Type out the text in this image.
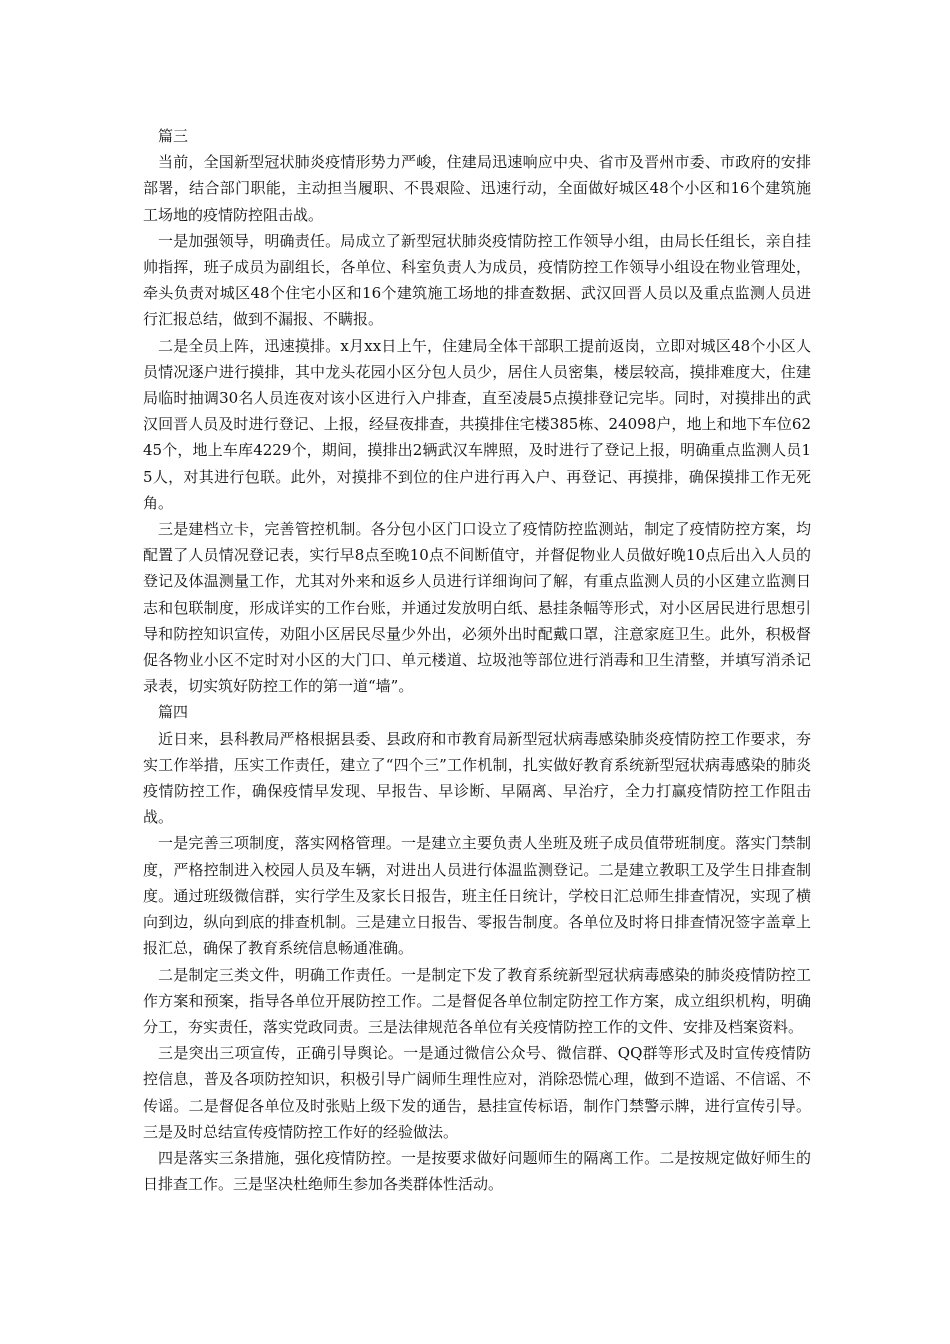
篇三

当前，全国新型冠状肺炎疫情形势力严峻，住建局迅速响应中央、省市及晋州市委、市政府的安排部署，结合部门职能，主动担当履职、不畏艰险、迅速行动，全面做好城区48个小区和16个建筑施工场地的疫情防控阻击战。

一是加强领导，明确责任。局成立了新型冠状肺炎疫情防控工作领导小组，由局长任组长，亲自挂帅指挥，班子成员为副组长，各单位、科室负责人为成员，疫情防控工作领导小组设在物业管理处，牵头负责对城区48个住宅小区和16个建筑施工场地的排查数据、武汉回晋人员以及重点监测人员进行汇报总结，做到不漏报、不瞒报。

二是全员上阵，迅速摸排。x月xx日上午，住建局全体干部职工提前返岗，立即对城区48个小区人员情况逐户进行摸排，其中龙头花园小区分包人员少，居住人员密集，楼层较高，摸排难度大，住建局临时抽调30名人员连夜对该小区进行入户排查，直至凌晨5点摸排登记完毕。同时，对摸排出的武汉回晋人员及时进行登记、上报，经昼夜排查，共摸排住宅楼385栋、24098户，地上和地下车位6245个，地上车库4229个，期间，摸排出2辆武汉车牌照，及时进行了登记上报，明确重点监测人员15人，对其进行包联。此外，对摸排不到位的住户进行再入户、再登记、再摸排，确保摸排工作无死角。

三是建档立卡，完善管控机制。各分包小区门口设立了疫情防控监测站，制定了疫情防控方案，均配置了人员情况登记表，实行早8点至晚10点不间断值守，并督促物业人员做好晚10点后出入人员的登记及体温测量工作，尤其对外来和返乡人员进行详细询问了解，有重点监测人员的小区建立监测日志和包联制度，形成详实的工作台账，并通过发放明白纸、悬挂条幅等形式，对小区居民进行思想引导和防控知识宣传，劝阻小区居民尽量少外出，必须外出时配戴口罩，注意家庭卫生。此外，积极督促各物业小区不定时对小区的大门口、单元楼道、垃圾池等部位进行消毒和卫生清整，并填写消杀记录表，切实筑好防控工作的第一道“墙”。

篇四

近日来，县科教局严格根据县委、县政府和市教育局新型冠状病毒感染肺炎疫情防控工作要求，夯实工作举措，压实工作责任，建立了“四个三”工作机制，扎实做好教育系统新型冠状病毒感染的肺炎疫情防控工作，确保疫情早发现、早报告、早诊断、早隔离、早治疗，全力打赢疫情防控工作阻击战。

一是完善三项制度，落实网格管理。一是建立主要负责人坐班及班子成员值带班制度。落实门禁制度，严格控制进入校园人员及车辆，对进出人员进行体温监测登记。二是建立教职工及学生日排查制度。通过班级微信群，实行学生及家长日报告，班主任日统计，学校日汇总师生排查情况，实现了横向到边，纵向到底的排查机制。三是建立日报告、零报告制度。各单位及时将日排查情况签字盖章上报汇总，确保了教育系统信息畅通准确。

二是制定三类文件，明确工作责任。一是制定下发了教育系统新型冠状病毒感染的肺炎疫情防控工作方案和预案，指导各单位开展防控工作。二是督促各单位制定防控工作方案，成立组织机构，明确分工，夯实责任，落实党政同责。三是法律规范各单位有关疫情防控工作的文件、安排及档案资料。

三是突出三项宣传，正确引导舆论。一是通过微信公众号、微信群、QQ群等形式及时宣传疫情防控信息，普及各项防控知识，积极引导广阔师生理性应对，消除恐慌心理，做到不造谣、不信谣、不传谣。二是督促各单位及时张贴上级下发的通告，悬挂宣传标语，制作门禁警示牌，进行宣传引导。三是及时总结宣传疫情防控工作好的经验做法。

四是落实三条措施，强化疫情防控。一是按要求做好问题师生的隔离工作。二是按规定做好师生的日排查工作。三是坚决杜绝师生参加各类群体性活动。
